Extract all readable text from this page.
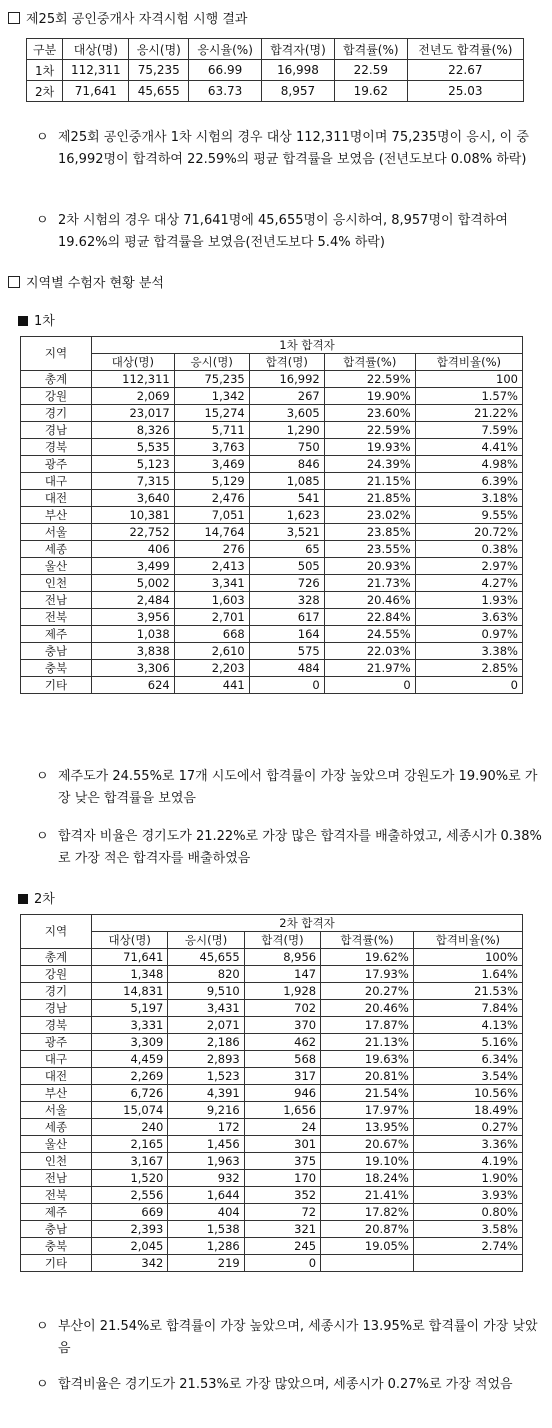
제25회 공인중개사 자격시험 시행 결과
구분	대상(명)	응시(명)	응시율(%)	합격자(명)	합격률(%)	전년도 합격률(%)
1차	112,311	75,235	66.99	16,998	22.59	22.67
2차	71,641	45,655	63.73	8,957	19.62	25.03
ㅇ 제25회 공인중개사 1차 시험의 경우 대상 112,311명이며 75,235명이 응시, 이 중 16,992명이 합격하여 22.59%의 평균 합격률을 보였음 (전년도보다 0.08% 하락)
ㅇ 2차 시험의 경우 대상 71,641명에 45,655명이 응시하여, 8,957명이 합격하여 19.62%의 평균 합격률을 보였음(전년도보다 5.4% 하락)
지역별 수험자 현황 분석
1차
지역	1차 합격자				
	대상(명)	응시(명)	합격(명)	합격률(%)	합격비율(%)
총계	112,311	75,235	16,992	22.59%	100
강원	2,069	1,342	267	19.90%	1.57%
경기	23,017	15,274	3,605	23.60%	21.22%
경남	8,326	5,711	1,290	22.59%	7.59%
경북	5,535	3,763	750	19.93%	4.41%
광주	5,123	3,469	846	24.39%	4.98%
대구	7,315	5,129	1,085	21.15%	6.39%
대전	3,640	2,476	541	21.85%	3.18%
부산	10,381	7,051	1,623	23.02%	9.55%
서울	22,752	14,764	3,521	23.85%	20.72%
세종	406	276	65	23.55%	0.38%
울산	3,499	2,413	505	20.93%	2.97%
인천	5,002	3,341	726	21.73%	4.27%
전남	2,484	1,603	328	20.46%	1.93%
전북	3,956	2,701	617	22.84%	3.63%
제주	1,038	668	164	24.55%	0.97%
충남	3,838	2,610	575	22.03%	3.38%
충북	3,306	2,203	484	21.97%	2.85%
기타	624	441	0	0	0
ㅇ 제주도가 24.55%로 17개 시도에서 합격률이 가장 높았으며 강원도가 19.90%로 가장 낮은 합격률을 보였음
ㅇ 합격자 비율은 경기도가 21.22%로 가장 많은 합격자를 배출하였고, 세종시가 0.38%로 가장 적은 합격자를 배출하였음
2차
지역	2차 합격자				
	대상(명)	응시(명)	합격(명)	합격률(%)	합격비율(%)
총계	71,641	45,655	8,956	19.62%	100%
강원	1,348	820	147	17.93%	1.64%
경기	14,831	9,510	1,928	20.27%	21.53%
경남	5,197	3,431	702	20.46%	7.84%
경북	3,331	2,071	370	17.87%	4.13%
광주	3,309	2,186	462	21.13%	5.16%
대구	4,459	2,893	568	19.63%	6.34%
대전	2,269	1,523	317	20.81%	3.54%
부산	6,726	4,391	946	21.54%	10.56%
서울	15,074	9,216	1,656	17.97%	18.49%
세종	240	172	24	13.95%	0.27%
울산	2,165	1,456	301	20.67%	3.36%
인천	3,167	1,963	375	19.10%	4.19%
전남	1,520	932	170	18.24%	1.90%
전북	2,556	1,644	352	21.41%	3.93%
제주	669	404	72	17.82%	0.80%
충남	2,393	1,538	321	20.87%	3.58%
충북	2,045	1,286	245	19.05%	2.74%
기타	342	219	0		
ㅇ 부산이 21.54%로 합격률이 가장 높았으며, 세종시가 13.95%로 합격률이 가장 낮았음
ㅇ 합격비율은 경기도가 21.53%로 가장 많았으며, 세종시가 0.27%로 가장 적었음
